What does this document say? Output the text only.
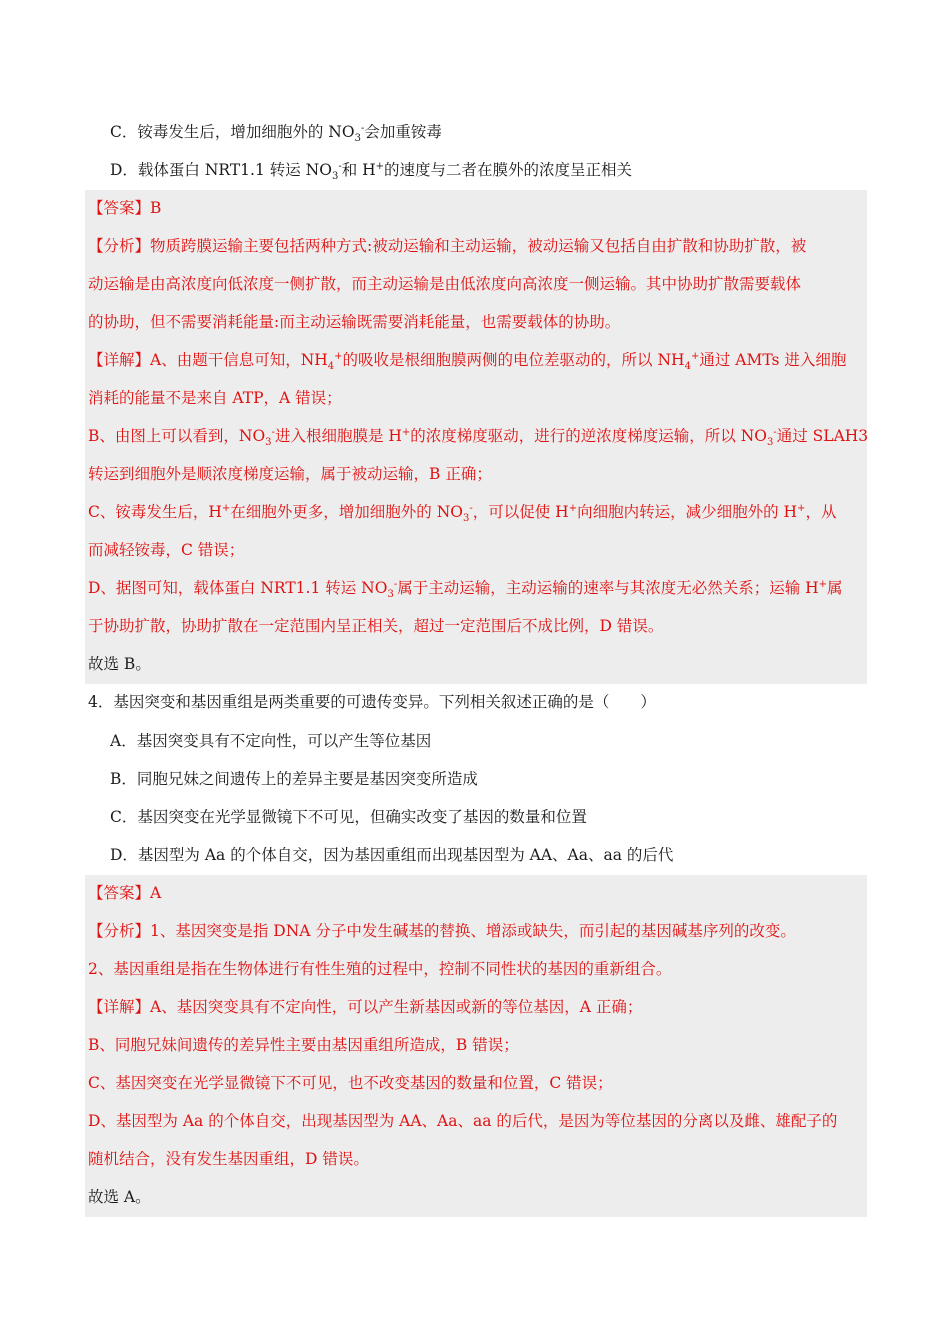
C．铵毒发生后，增加细胞外的 $NO_3^-$会加重铵毒
D．载体蛋白 NRT1.1 转运 $NO_3^-$和 H+的速度与二者在膜外的浓度呈正相关
【答案】B
【分析】物质跨膜运输主要包括两种方式:被动运输和主动运输，被动运输又包括自由扩散和协助扩散，被
动运输是由高浓度向低浓度一侧扩散，而主动运输是由低浓度向高浓度一侧运输。其中协助扩散需要载体
的协助，但不需要消耗能量:而主动运输既需要消耗能量，也需要载体的协助。
【详解】A、由题干信息可知，$NH_4^+$的吸收是根细胞膜两侧的电位差驱动的，所以 $NH_4^+$通过 AMTs 进入细胞
消耗的能量不是来自 ATP，A 错误；
B、由图上可以看到，$NO_3^-$进入根细胞膜是 H+的浓度梯度驱动，进行的逆浓度梯度运输，所以 $NO_3^-$通过 SLAH3
转运到细胞外是顺浓度梯度运输，属于被动运输，B 正确；
C、铵毒发生后，H+在细胞外更多，增加细胞外的 $NO_3^-$，可以促使 H+向细胞内转运，减少细胞外的 H+，从
而减轻铵毒，C 错误；
D、据图可知，载体蛋白 NRT1.1 转运 $NO_3^-$属于主动运输，主动运输的速率与其浓度无必然关系；运输 H+属
于协助扩散，协助扩散在一定范围内呈正相关，超过一定范围后不成比例，D 错误。
故选 B。
4．基因突变和基因重组是两类重要的可遗传变异。下列相关叙述正确的是（　　）
A．基因突变具有不定向性，可以产生等位基因
B．同胞兄妹之间遗传上的差异主要是基因突变所造成
C．基因突变在光学显微镜下不可见，但确实改变了基因的数量和位置
D．基因型为 Aa 的个体自交，因为基因重组而出现基因型为 AA、Aa、aa 的后代
【答案】A
【分析】1、基因突变是指 DNA 分子中发生碱基的替换、增添或缺失，而引起的基因碱基序列的改变。
2、基因重组是指在生物体进行有性生殖的过程中，控制不同性状的基因的重新组合。
【详解】A、基因突变具有不定向性，可以产生新基因或新的等位基因，A 正确；
B、同胞兄妹间遗传的差异性主要由基因重组所造成，B 错误；
C、基因突变在光学显微镜下不可见，也不改变基因的数量和位置，C 错误；
D、基因型为 Aa 的个体自交，出现基因型为 AA、Aa、aa 的后代，是因为等位基因的分离以及雌、雄配子的
随机结合，没有发生基因重组，D 错误。
故选 A。
